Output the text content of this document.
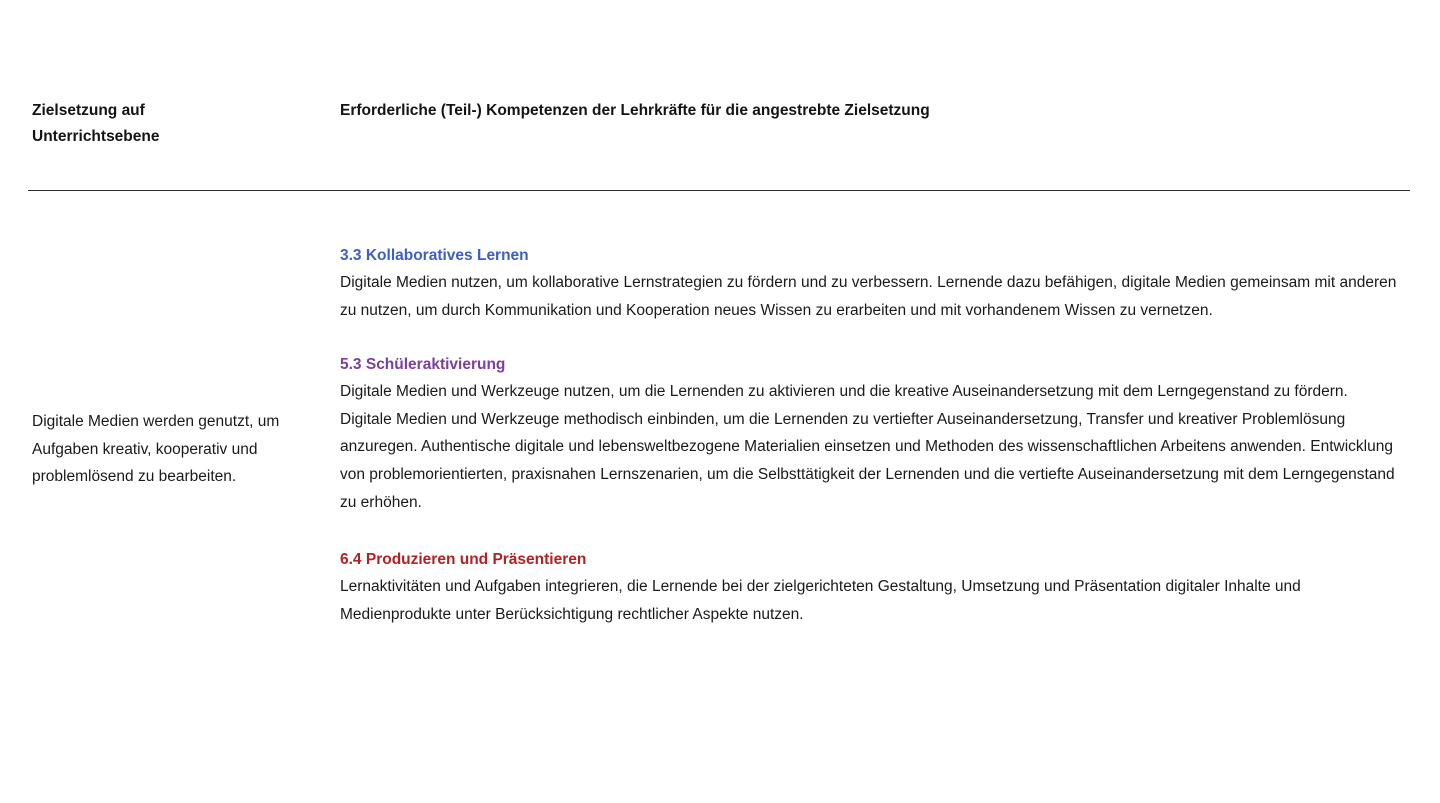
Zielsetzung auf
Unterrichtsebene
Erforderliche (Teil-) Kompetenzen der Lehrkräfte für die angestrebte Zielsetzung
Digitale Medien werden genutzt, um Aufgaben kreativ, kooperativ und problemlösend zu bearbeiten.
3.3 Kollaboratives Lernen
Digitale Medien nutzen, um kollaborative Lernstrategien zu fördern und zu verbessern. Lernende dazu befähigen, digitale Medien gemeinsam mit anderen zu nutzen, um durch Kommunikation und Kooperation neues Wissen zu erarbeiten und mit vorhandenem Wissen zu vernetzen.
5.3 Schüleraktivierung
Digitale Medien und Werkzeuge nutzen, um die Lernenden zu aktivieren und die kreative Auseinandersetzung mit dem Lerngegenstand zu fördern. Digitale Medien und Werkzeuge methodisch einbinden, um die Lernenden zu vertiefter Auseinandersetzung, Transfer und kreativer Problemlösung anzuregen. Authentische digitale und lebensweltbezogene Materialien einsetzen und Methoden des wissenschaftlichen Arbeitens anwenden. Entwicklung von problemorientierten, praxisnahen Lernszenarien, um die Selbsttätigkeit der Lernenden und die vertiefte Auseinandersetzung mit dem Lerngegenstand zu erhöhen.
6.4 Produzieren und Präsentieren
Lernaktivitäten und Aufgaben integrieren, die Lernende bei der zielgerichteten Gestaltung, Umsetzung und Präsentation digitaler Inhalte und Medienprodukte unter Berücksichtigung rechtlicher Aspekte nutzen.
